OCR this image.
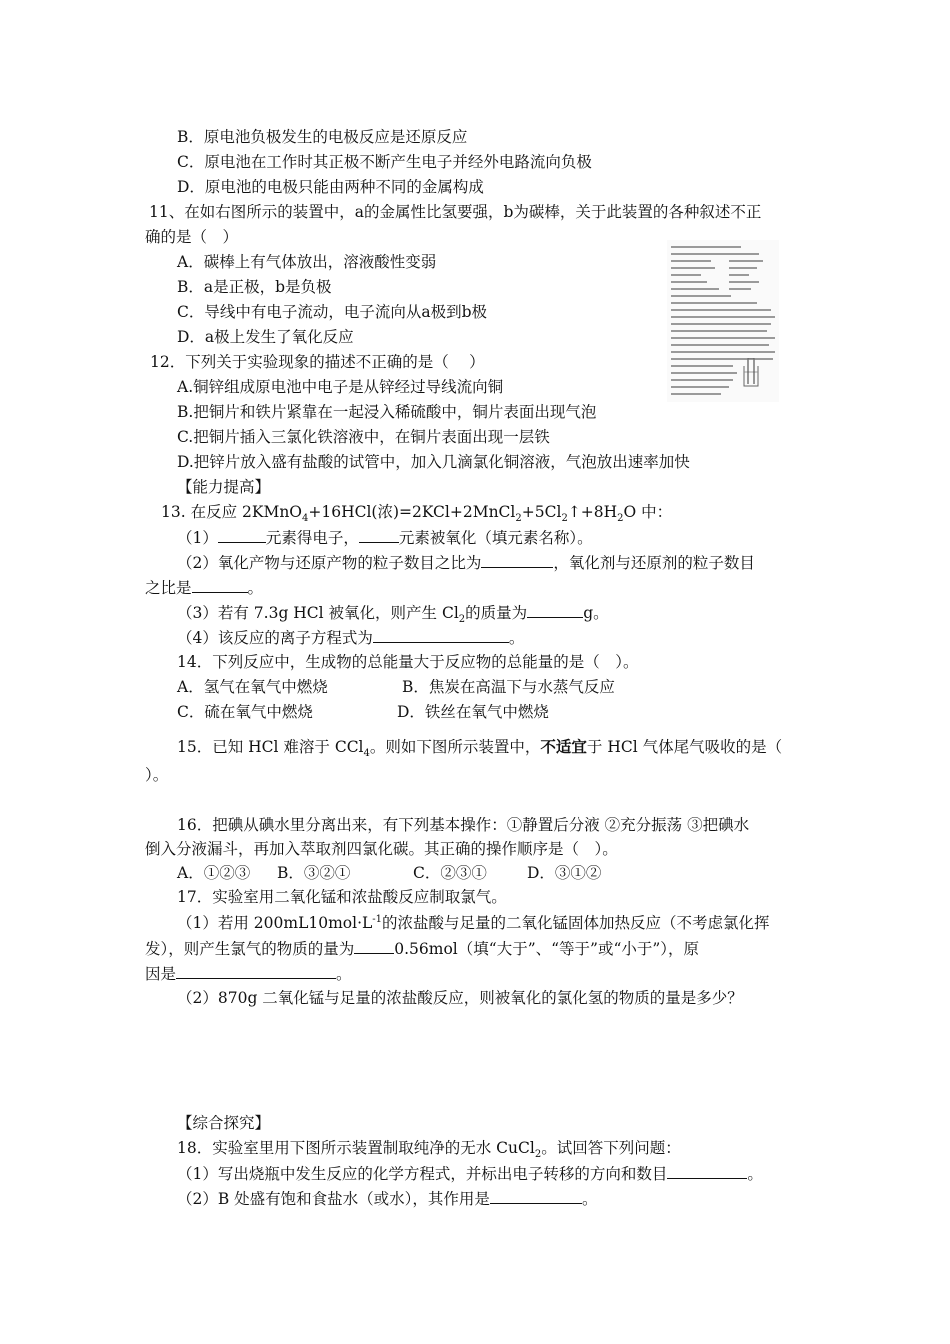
B．原电池负极发生的电极反应是还原反应
C．原电池在工作时其正极不断产生电子并经外电路流向负极
D．原电池的电极只能由两种不同的金属构成
11、在如右图所示的装置中，a的金属性比氢要强，b为碳棒，关于此装置的各种叙述不正
确的是（　）
A．碳棒上有气体放出，溶液酸性变弱
B．a是正极，b是负极
C．导线中有电子流动，电子流向从a极到b极
D．a极上发生了氧化反应
12．下列关于实验现象的描述不正确的是（　 ）
A.铜锌组成原电池中电子是从锌经过导线流向铜
B.把铜片和铁片紧靠在一起浸入稀硫酸中，铜片表面出现气泡
C.把铜片插入三氯化铁溶液中，在铜片表面出现一层铁
D.把锌片放入盛有盐酸的试管中，加入几滴氯化铜溶液，气泡放出速率加快
【能力提高】
13. 在反应 2KMnO$_4$+16HCl(浓)$=2KCl+2MnCl_2+5Cl_2↑+8H_2O$ 中：
（1）	元素得电子，	元素被氧化（填元素名称）。
（2）氧化产物与还原产物的粒子数目之比为	，氧化剂与还原剂的粒子数目
之比是	。
（3）若有 7.3g HCl 被氧化，则产生 $Cl_2$的质量为	g。
（4）该反应的离子方程式为	。
14．下列反应中，生成物的总能量大于反应物的总能量的是（　）。
A．氢气在氧气中燃烧	B．焦炭在高温下与水蒸气反应
C．硫在氧气中燃烧	D．铁丝在氧气中燃烧
15．已知 HCl 难溶于 CCl$_4$。则如下图所示装置中，不适宜于 HCl 气体尾气吸收的是（
）。
16．把碘从碘水里分离出来，有下列基本操作：①静置后分液 ②充分振荡 ③把碘水
倒入分液漏斗，再加入萃取剂四氯化碳。其正确的操作顺序是（　）。
A．①②③ B．③②①	C．②③①	D．③①②
17．实验室用二氧化锰和浓盐酸反应制取氯气。
（1）若用 $200mL10mol\cdot L^{-1}$的浓盐酸与足量的二氧化锰固体加热反应（不考虑氯化挥
发），则产生氯气的物质的量为	0.56mol（填“大于”、“等于”或“小于”），原
因是	。
（2）870g 二氧化锰与足量的浓盐酸反应，则被氧化的氯化氢的物质的量是多少？
【综合探究】
18．实验室里用下图所示装置制取纯净的无水 CuCl$_2$。试回答下列问题：
（1）写出烧瓶中发生反应的化学方程式，并标出电子转移的方向和数目	。
（2）B 处盛有饱和食盐水（或水），其作用是	。
